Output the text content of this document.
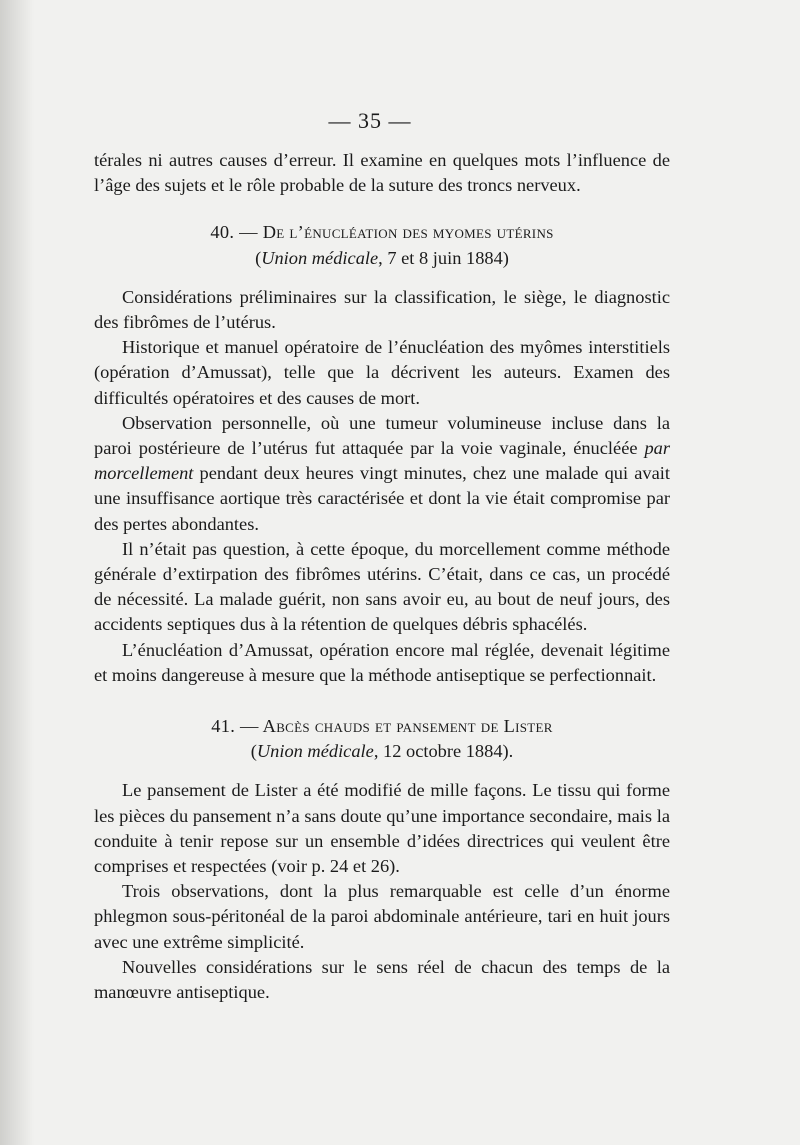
— 35 —

térales ni autres causes d’erreur. Il examine en quelques mots l’influence de l’âge des sujets et le rôle probable de la suture des troncs nerveux.

40. — De l’énucléation des myomes utérins
(Union médicale, 7 et 8 juin 1884)

Considérations préliminaires sur la classification, le siège, le diagnostic des fibrômes de l’utérus.

Historique et manuel opératoire de l’énucléation des myômes interstitiels (opération d’Amussat), telle que la décrivent les auteurs. Examen des difficultés opératoires et des causes de mort.

Observation personnelle, où une tumeur volumineuse incluse dans la paroi postérieure de l’utérus fut attaquée par la voie vaginale, énucléée par morcellement pendant deux heures vingt minutes, chez une malade qui avait une insuffisance aortique très caractérisée et dont la vie était compromise par des pertes abondantes.

Il n’était pas question, à cette époque, du morcellement comme méthode générale d’extirpation des fibrômes utérins. C’était, dans ce cas, un procédé de nécessité. La malade guérit, non sans avoir eu, au bout de neuf jours, des accidents septiques dus à la rétention de quelques débris sphacélés.

L’énucléation d’Amussat, opération encore mal réglée, devenait légitime et moins dangereuse à mesure que la méthode antiseptique se perfectionnait.

41. — Abcès chauds et pansement de Lister
(Union médicale, 12 octobre 1884).

Le pansement de Lister a été modifié de mille façons. Le tissu qui forme les pièces du pansement n’a sans doute qu’une importance secondaire, mais la conduite à tenir repose sur un ensemble d’idées directrices qui veulent être comprises et respectées (voir p. 24 et 26).

Trois observations, dont la plus remarquable est celle d’un énorme phlegmon sous-péritonéal de la paroi abdominale antérieure, tari en huit jours avec une extrême simplicité.

Nouvelles considérations sur le sens réel de chacun des temps de la manœuvre antiseptique.
